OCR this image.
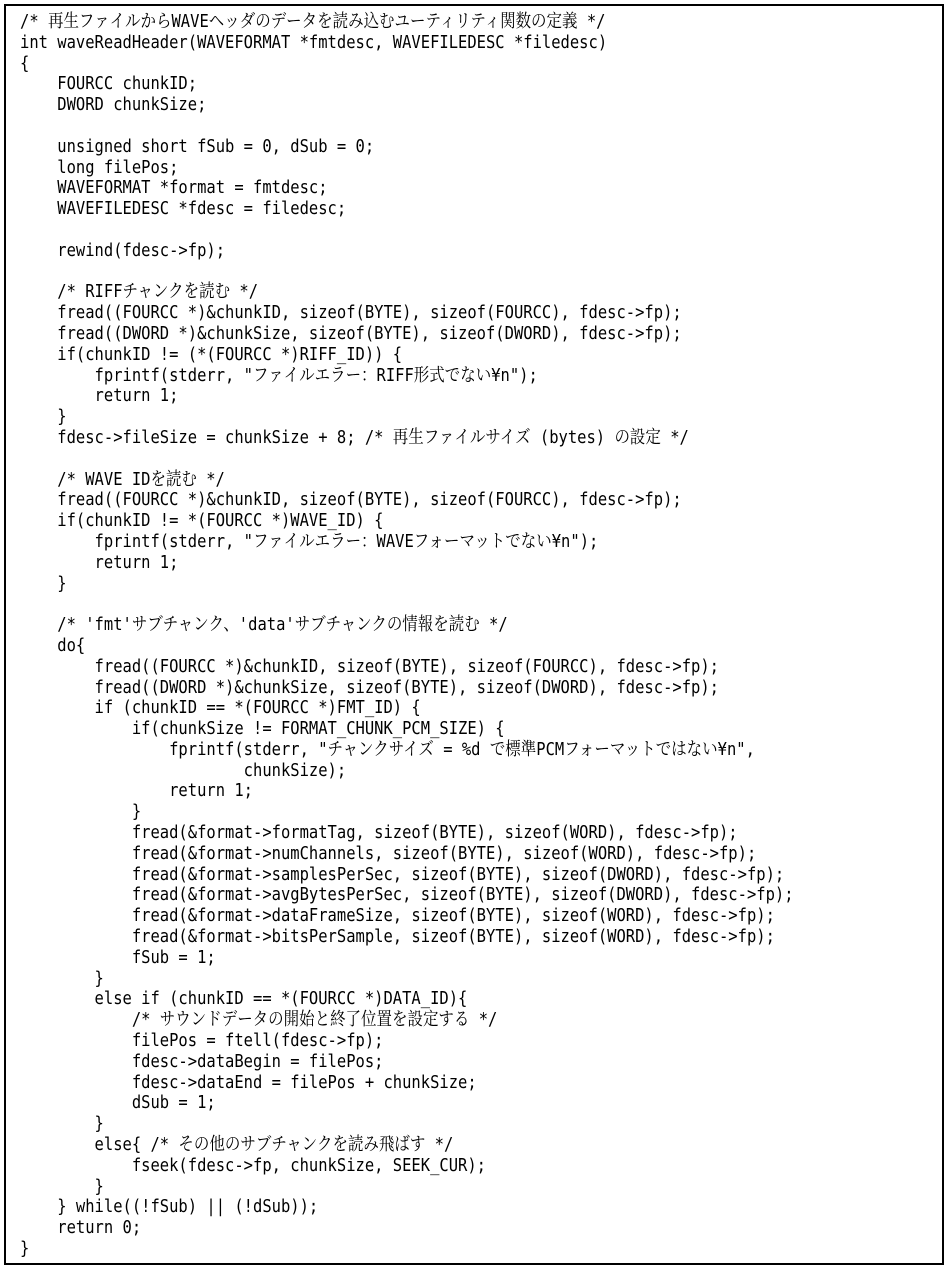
/* 再生ファイルからWAVEヘッダのデータを読み込むユーティリティ関数の定義 */
int waveReadHeader(WAVEFORMAT *fmtdesc, WAVEFILEDESC *filedesc)
{
FOURCC chunkID;
DWORD chunkSize;
unsigned short fSub = 0, dSub = 0;
long filePos;
WAVEFORMAT *format = fmtdesc;
WAVEFILEDESC *fdesc = filedesc;
rewind(fdesc->fp);
/* RIFFチャンクを読む */
fread((FOURCC *)&chunkID, sizeof(BYTE), sizeof(FOURCC), fdesc->fp);
fread((DWORD *)&chunkSize, sizeof(BYTE), sizeof(DWORD), fdesc->fp);
if(chunkID != (*(FOURCC *)RIFF_ID)) {
fprintf(stderr, "ファイルエラー：RIFF形式でない¥n");
return 1;
}
fdesc->fileSize = chunkSize + 8; /* 再生ファイルサイズ (bytes) の設定 */
/* WAVE IDを読む */
fread((FOURCC *)&chunkID, sizeof(BYTE), sizeof(FOURCC), fdesc->fp);
if(chunkID != *(FOURCC *)WAVE_ID) {
fprintf(stderr, "ファイルエラー：WAVEフォーマットでない¥n");
return 1;
}
/* 'fmt'サブチャンク、'data'サブチャンクの情報を読む */
do{
fread((FOURCC *)&chunkID, sizeof(BYTE), sizeof(FOURCC), fdesc->fp);
fread((DWORD *)&chunkSize, sizeof(BYTE), sizeof(DWORD), fdesc->fp);
if (chunkID == *(FOURCC *)FMT_ID) {
if(chunkSize != FORMAT_CHUNK_PCM_SIZE) {
fprintf(stderr, "チャンクサイズ = %d で標準PCMフォーマットではない¥n",
chunkSize);
return 1;
}
fread(&format->formatTag, sizeof(BYTE), sizeof(WORD), fdesc->fp);
fread(&format->numChannels, sizeof(BYTE), sizeof(WORD), fdesc->fp);
fread(&format->samplesPerSec, sizeof(BYTE), sizeof(DWORD), fdesc->fp);
fread(&format->avgBytesPerSec, sizeof(BYTE), sizeof(DWORD), fdesc->fp);
fread(&format->dataFrameSize, sizeof(BYTE), sizeof(WORD), fdesc->fp);
fread(&format->bitsPerSample, sizeof(BYTE), sizeof(WORD), fdesc->fp);
fSub = 1;
}
else if (chunkID == *(FOURCC *)DATA_ID){
/* サウンドデータの開始と終了位置を設定する */
filePos = ftell(fdesc->fp);
fdesc->dataBegin = filePos;
fdesc->dataEnd = filePos + chunkSize;
dSub = 1;
}
else{ /* その他のサブチャンクを読み飛ばす */
fseek(fdesc->fp, chunkSize, SEEK_CUR);
}
} while((!fSub) || (!dSub));
return 0;
}
